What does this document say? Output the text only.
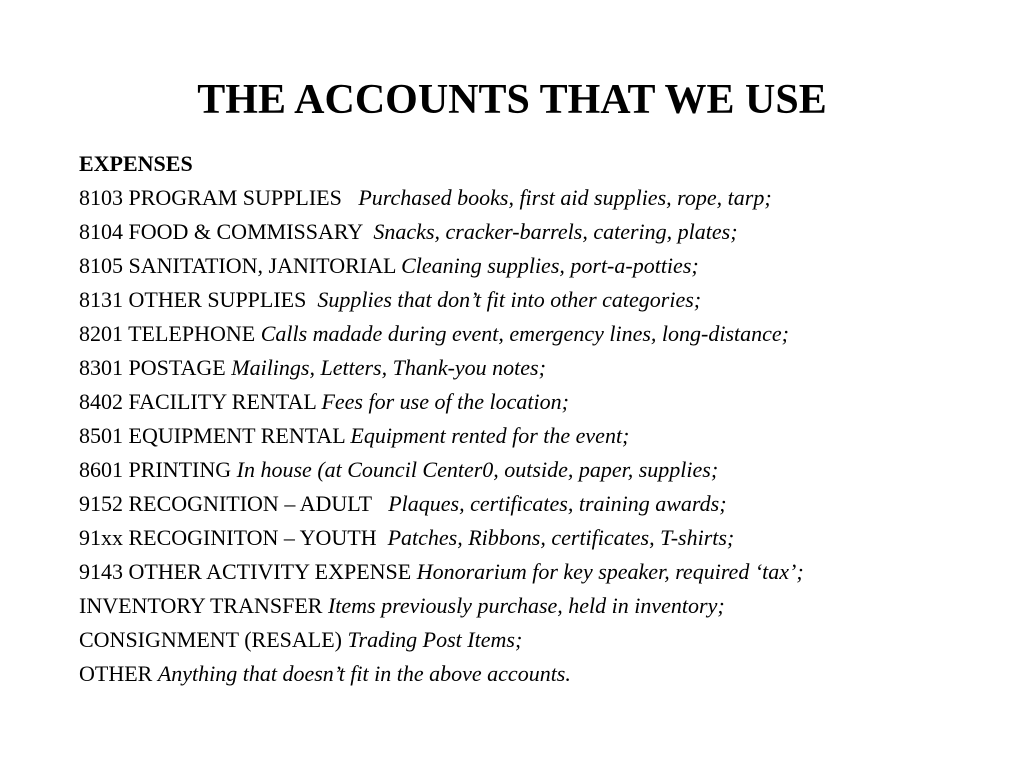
THE ACCOUNTS THAT WE USE
EXPENSES
8103 PROGRAM SUPPLIES   Purchased books, first aid supplies, rope, tarp;
8104 FOOD & COMMISSARY  Snacks, cracker-barrels, catering, plates;
8105 SANITATION, JANITORIAL Cleaning supplies, port-a-potties;
8131 OTHER SUPPLIES  Supplies that don’t fit into other categories;
8201 TELEPHONE Calls madade during event, emergency lines, long-distance;
8301 POSTAGE Mailings, Letters, Thank-you notes;
8402 FACILITY RENTAL Fees for use of the location;
8501 EQUIPMENT RENTAL Equipment rented for the event;
8601 PRINTING In house (at Council Center0, outside, paper, supplies;
9152 RECOGNITION – ADULT   Plaques, certificates, training awards;
91xx RECOGINITON – YOUTH  Patches, Ribbons, certificates, T-shirts;
9143 OTHER ACTIVITY EXPENSE Honorarium for key speaker, required ‘tax’;
INVENTORY TRANSFER Items previously purchase, held in inventory;
CONSIGNMENT (RESALE) Trading Post Items;
OTHER Anything that doesn’t fit in the above accounts.
